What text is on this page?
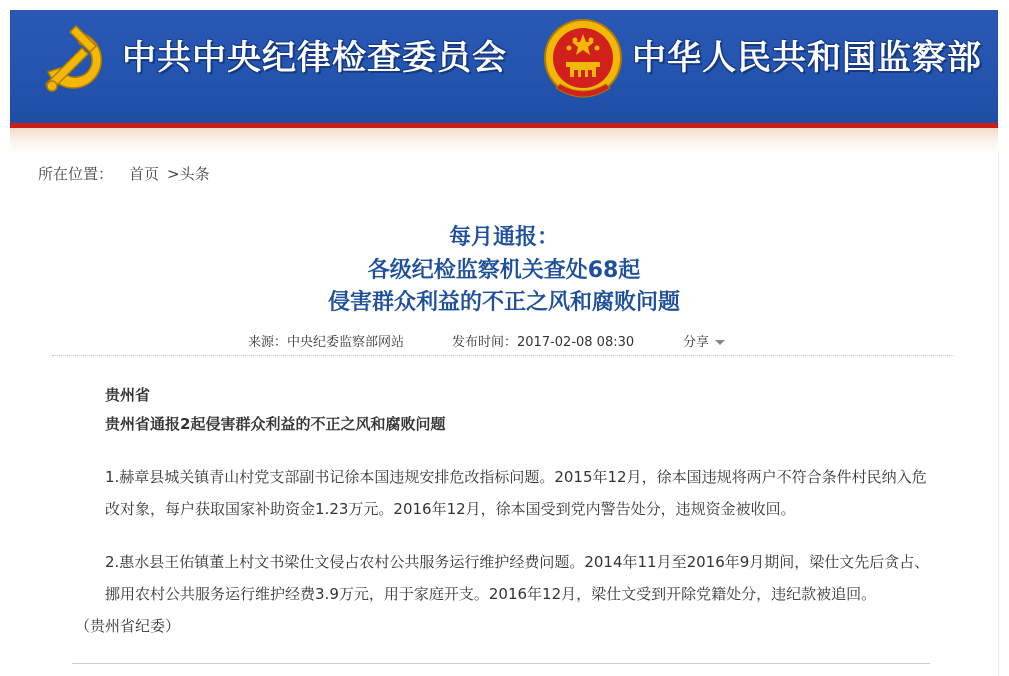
中共中央纪律检查委员会	中华人民共和国监察部
所在位置： 首页 >头条
每月通报：
各级纪检监察机关查处68起
侵害群众利益的不正之风和腐败问题
来源：中央纪委监察部网站	发布时间：2017-02-08 08:30	分享
贵州省
贵州省通报2起侵害群众利益的不正之风和腐败问题
1.赫章县城关镇青山村党支部副书记徐本国违规安排危改指标问题。2015年12月，徐本国违规将两户不符合条件村民纳入危改对象，每户获取国家补助资金1.23万元。2016年12月，徐本国受到党内警告处分，违规资金被收回。
2.惠水县王佑镇董上村文书梁仕文侵占农村公共服务运行维护经费问题。2014年11月至2016年9月期间，梁仕文先后贪占、挪用农村公共服务运行维护经费3.9万元，用于家庭开支。2016年12月，梁仕文受到开除党籍处分，违纪款被追回。
（贵州省纪委）
